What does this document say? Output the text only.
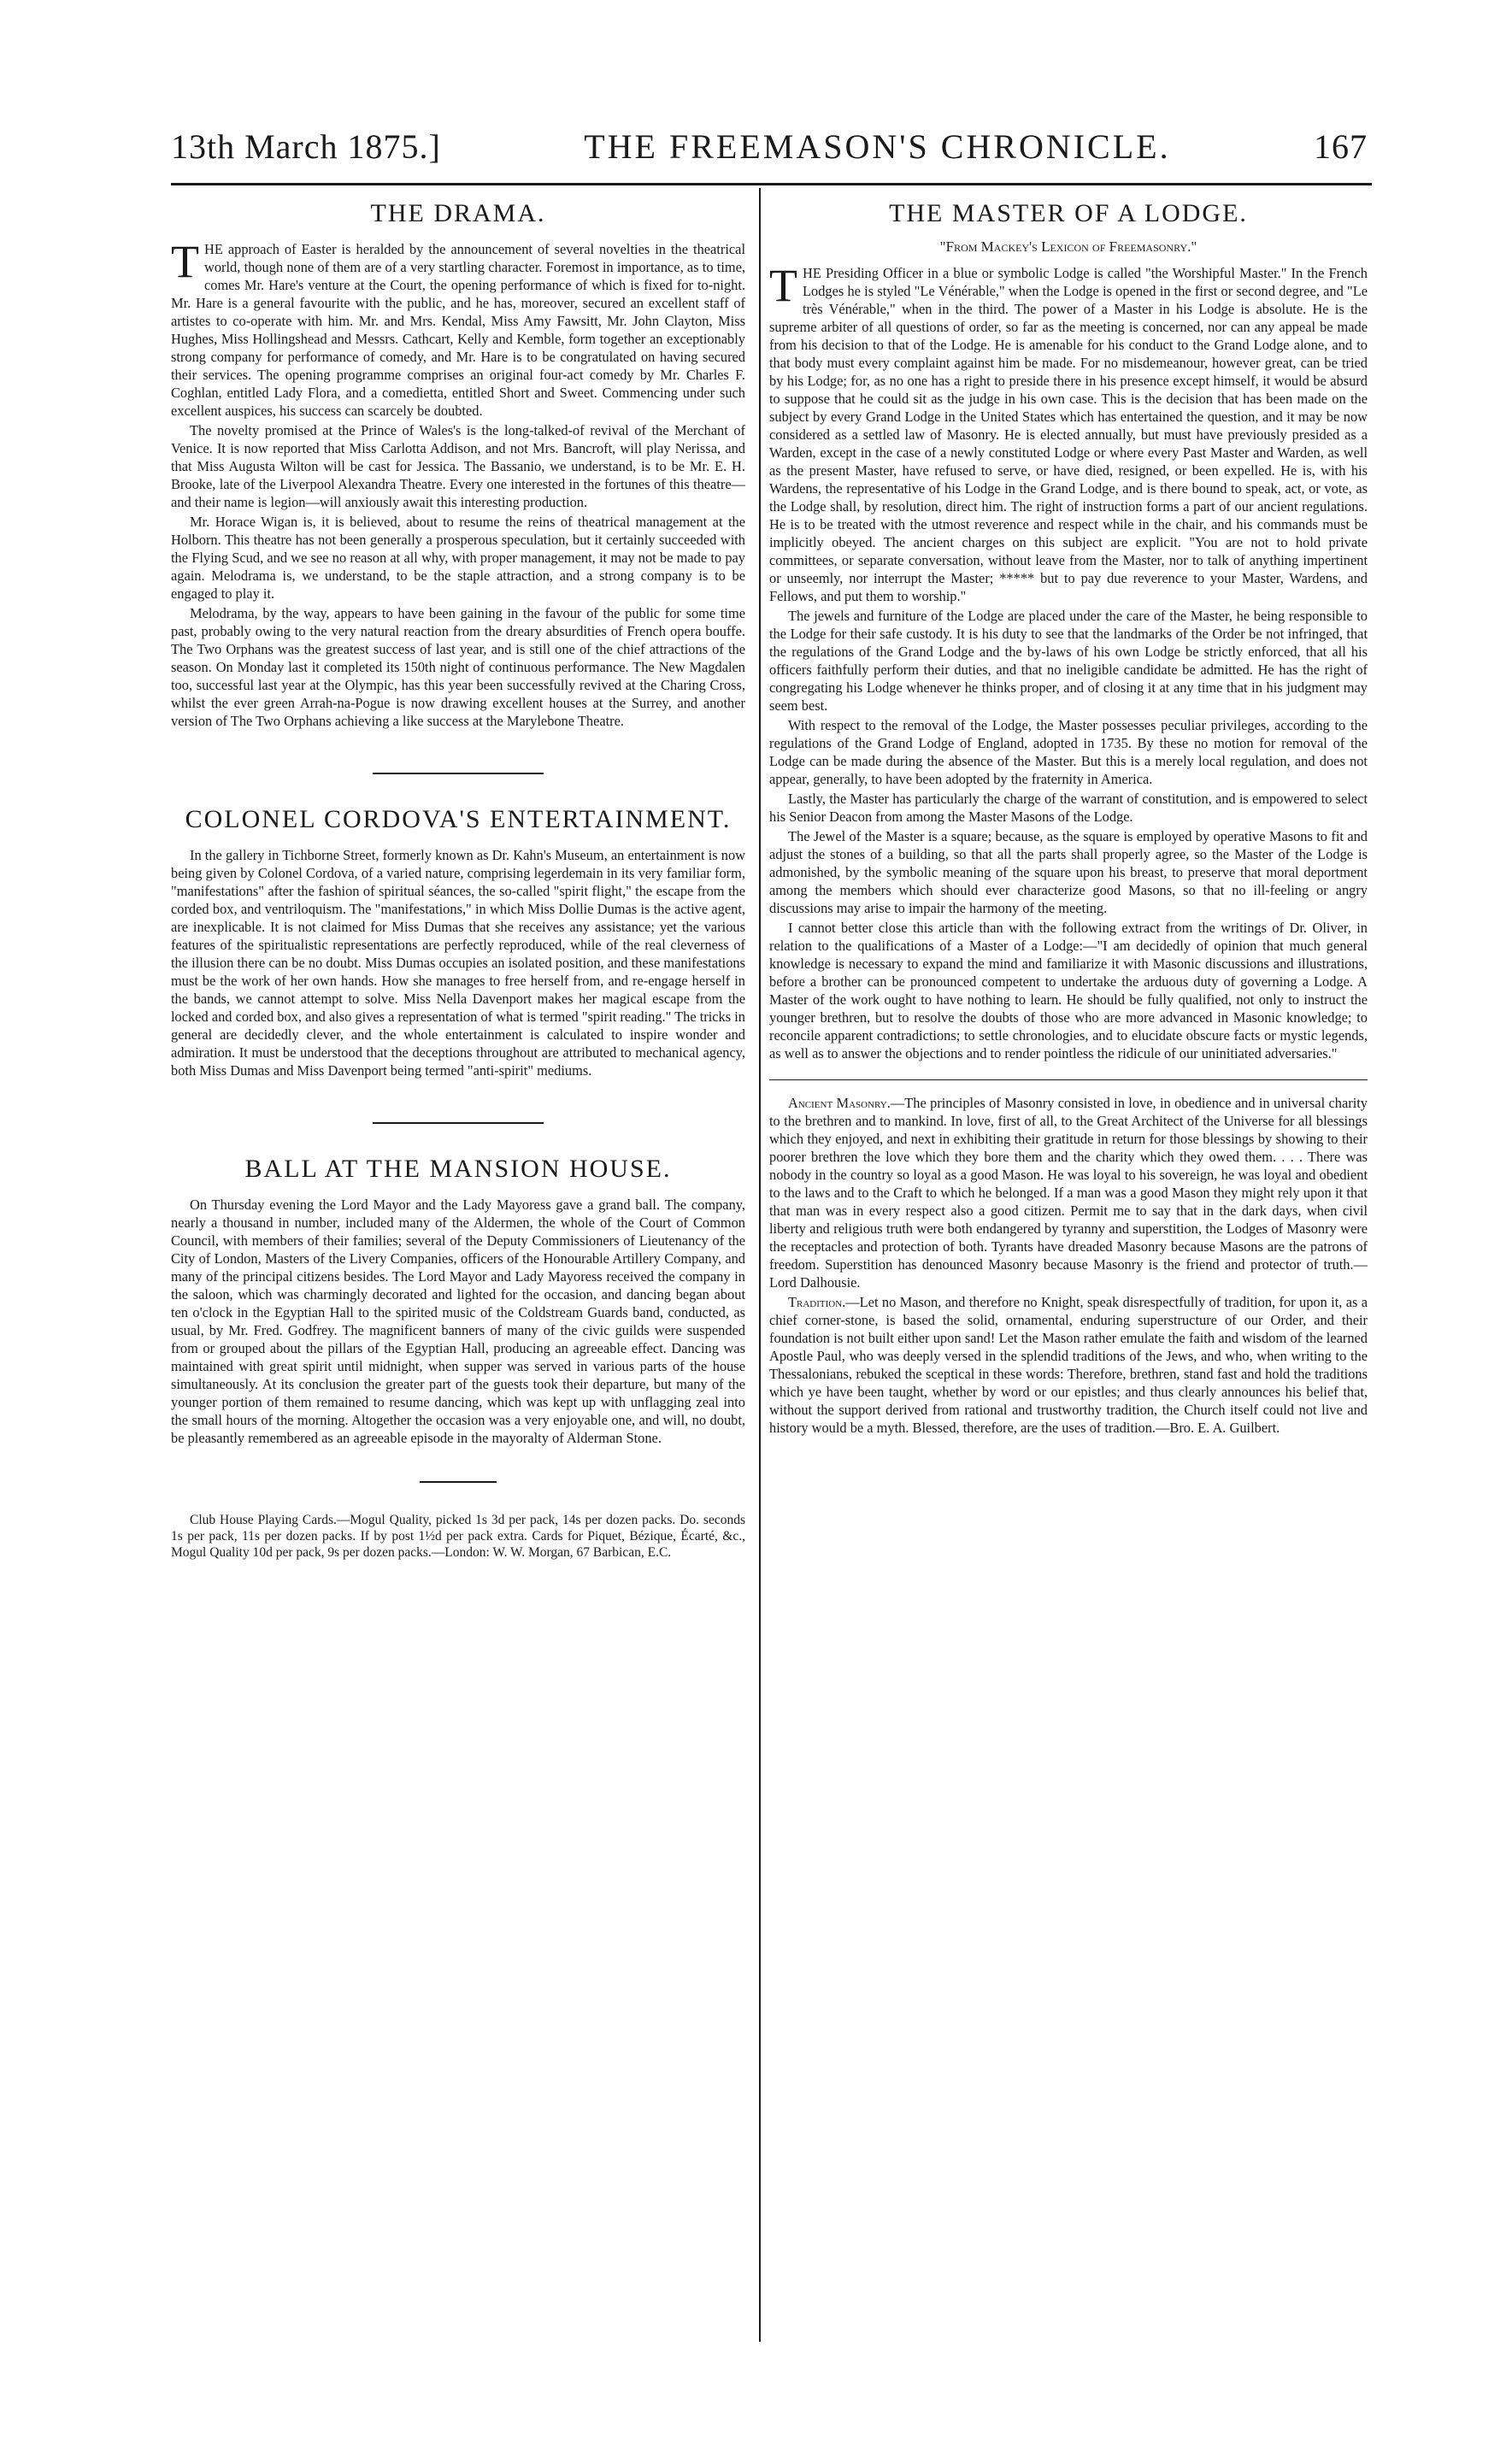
13th March 1875.]	THE FREEMASON'S CHRONICLE.	167
THE DRAMA.

THE approach of Easter is heralded by the announcement of several novelties in the theatrical world, though none of them are of a very startling character. Foremost in importance, as to time, comes Mr. Hare's venture at the Court, the opening performance of which is fixed for to-night. Mr. Hare is a general favourite with the public, and he has, moreover, secured an excellent staff of artistes to co-operate with him. Mr. and Mrs. Kendal, Miss Amy Fawsitt, Mr. John Clayton, Miss Hughes, Miss Hollingshead and Messrs. Cathcart, Kelly and Kemble, form together an exceptionably strong company for performance of comedy, and Mr. Hare is to be congratulated on having secured their services. The opening programme comprises an original four-act comedy by Mr. Charles F. Coghlan, entitled Lady Flora, and a comedietta, entitled Short and Sweet. Commencing under such excellent auspices, his success can scarcely be doubted.

The novelty promised at the Prince of Wales's is the long-talked-of revival of the Merchant of Venice. It is now reported that Miss Carlotta Addison, and not Mrs. Bancroft, will play Nerissa, and that Miss Augusta Wilton will be cast for Jessica. The Bassanio, we understand, is to be Mr. E. H. Brooke, late of the Liverpool Alexandra Theatre. Every one interested in the fortunes of this theatre—and their name is legion—will anxiously await this interesting production.

Mr. Horace Wigan is, it is believed, about to resume the reins of theatrical management at the Holborn. This theatre has not been generally a prosperous speculation, but it certainly succeeded with the Flying Scud, and we see no reason at all why, with proper management, it may not be made to pay again. Melodrama is, we understand, to be the staple attraction, and a strong company is to be engaged to play it.

Melodrama, by the way, appears to have been gaining in the favour of the public for some time past, probably owing to the very natural reaction from the dreary absurdities of French opera bouffe. The Two Orphans was the greatest success of last year, and is still one of the chief attractions of the season. On Monday last it completed its 150th night of continuous performance. The New Magdalen too, successful last year at the Olympic, has this year been successfully revived at the Charing Cross, whilst the ever green Arrah-na-Pogue is now drawing excellent houses at the Surrey, and another version of The Two Orphans achieving a like success at the Marylebone Theatre.

COLONEL CORDOVA'S ENTERTAINMENT.

In the gallery in Tichborne Street, formerly known as Dr. Kahn's Museum, an entertainment is now being given by Colonel Cordova, of a varied nature, comprising legerdemain in its very familiar form, "manifestations" after the fashion of spiritual séances, the so-called "spirit flight," the escape from the corded box, and ventriloquism. The "manifestations," in which Miss Dollie Dumas is the active agent, are inexplicable. It is not claimed for Miss Dumas that she receives any assistance; yet the various features of the spiritualistic representations are perfectly reproduced, while of the real cleverness of the illusion there can be no doubt. Miss Dumas occupies an isolated position, and these manifestations must be the work of her own hands. How she manages to free herself from, and re-engage herself in the bands, we cannot attempt to solve. Miss Nella Davenport makes her magical escape from the locked and corded box, and also gives a representation of what is termed "spirit reading." The tricks in general are decidedly clever, and the whole entertainment is calculated to inspire wonder and admiration. It must be understood that the deceptions throughout are attributed to mechanical agency, both Miss Dumas and Miss Davenport being termed "anti-spirit" mediums.

BALL AT THE MANSION HOUSE.

On Thursday evening the Lord Mayor and the Lady Mayoress gave a grand ball. The company, nearly a thousand in number, included many of the Aldermen, the whole of the Court of Common Council, with members of their families; several of the Deputy Commissioners of Lieutenancy of the City of London, Masters of the Livery Companies, officers of the Honourable Artillery Company, and many of the principal citizens besides. The Lord Mayor and Lady Mayoress received the company in the saloon, which was charmingly decorated and lighted for the occasion, and dancing began about ten o'clock in the Egyptian Hall to the spirited music of the Coldstream Guards band, conducted, as usual, by Mr. Fred. Godfrey. The magnificent banners of many of the civic guilds were suspended from or grouped about the pillars of the Egyptian Hall, producing an agreeable effect. Dancing was maintained with great spirit until midnight, when supper was served in various parts of the house simultaneously. At its conclusion the greater part of the guests took their departure, but many of the younger portion of them remained to resume dancing, which was kept up with unflagging zeal into the small hours of the morning. Altogether the occasion was a very enjoyable one, and will, no doubt, be pleasantly remembered as an agreeable episode in the mayoralty of Alderman Stone.

Club House Playing Cards.—Mogul Quality, picked 1s 3d per pack, 14s per dozen packs. Do. seconds 1s per pack, 11s per dozen packs. If by post 1½d per pack extra. Cards for Piquet, Bézique, Écarté, &c., Mogul Quality 10d per pack, 9s per dozen packs.—London: W. W. Morgan, 67 Barbican, E.C.

THE MASTER OF A LODGE.
"From Mackey's Lexicon of Freemasonry."

THE Presiding Officer in a blue or symbolic Lodge is called "the Worshipful Master." In the French Lodges he is styled "Le Vénérable," when the Lodge is opened in the first or second degree, and "Le très Vénérable," when in the third. The power of a Master in his Lodge is absolute. He is the supreme arbiter of all questions of order, so far as the meeting is concerned, nor can any appeal be made from his decision to that of the Lodge. He is amenable for his conduct to the Grand Lodge alone, and to that body must every complaint against him be made. For no misdemeanour, however great, can be tried by his Lodge; for, as no one has a right to preside there in his presence except himself, it would be absurd to suppose that he could sit as the judge in his own case. This is the decision that has been made on the subject by every Grand Lodge in the United States which has entertained the question, and it may be now considered as a settled law of Masonry. He is elected annually, but must have previously presided as a Warden, except in the case of a newly constituted Lodge or where every Past Master and Warden, as well as the present Master, have refused to serve, or have died, resigned, or been expelled. He is, with his Wardens, the representative of his Lodge in the Grand Lodge, and is there bound to speak, act, or vote, as the Lodge shall, by resolution, direct him. The right of instruction forms a part of our ancient regulations. He is to be treated with the utmost reverence and respect while in the chair, and his commands must be implicitly obeyed. The ancient charges on this subject are explicit. "You are not to hold private committees, or separate conversation, without leave from the Master, nor to talk of anything impertinent or unseemly, nor interrupt the Master; ***** but to pay due reverence to your Master, Wardens, and Fellows, and put them to worship."

The jewels and furniture of the Lodge are placed under the care of the Master, he being responsible to the Lodge for their safe custody. It is his duty to see that the landmarks of the Order be not infringed, that the regulations of the Grand Lodge and the by-laws of his own Lodge be strictly enforced, that all his officers faithfully perform their duties, and that no ineligible candidate be admitted. He has the right of congregating his Lodge whenever he thinks proper, and of closing it at any time that in his judgment may seem best.

With respect to the removal of the Lodge, the Master possesses peculiar privileges, according to the regulations of the Grand Lodge of England, adopted in 1735. By these no motion for removal of the Lodge can be made during the absence of the Master. But this is a merely local regulation, and does not appear, generally, to have been adopted by the fraternity in America.

Lastly, the Master has particularly the charge of the warrant of constitution, and is empowered to select his Senior Deacon from among the Master Masons of the Lodge.

The Jewel of the Master is a square; because, as the square is employed by operative Masons to fit and adjust the stones of a building, so that all the parts shall properly agree, so the Master of the Lodge is admonished, by the symbolic meaning of the square upon his breast, to preserve that moral deportment among the members which should ever characterize good Masons, so that no ill-feeling or angry discussions may arise to impair the harmony of the meeting.

I cannot better close this article than with the following extract from the writings of Dr. Oliver, in relation to the qualifications of a Master of a Lodge:—"I am decidedly of opinion that much general knowledge is necessary to expand the mind and familiarize it with Masonic discussions and illustrations, before a brother can be pronounced competent to undertake the arduous duty of governing a Lodge. A Master of the work ought to have nothing to learn. He should be fully qualified, not only to instruct the younger brethren, but to resolve the doubts of those who are more advanced in Masonic knowledge; to reconcile apparent contradictions; to settle chronologies, and to elucidate obscure facts or mystic legends, as well as to answer the objections and to render pointless the ridicule of our uninitiated adversaries."

Ancient Masonry.—The principles of Masonry consisted in love, in obedience and in universal charity to the brethren and to mankind. In love, first of all, to the Great Architect of the Universe for all blessings which they enjoyed, and next in exhibiting their gratitude in return for those blessings by showing to their poorer brethren the love which they bore them and the charity which they owed them. . . . There was nobody in the country so loyal as a good Mason. He was loyal to his sovereign, he was loyal and obedient to the laws and to the Craft to which he belonged. If a man was a good Mason they might rely upon it that that man was in every respect also a good citizen. Permit me to say that in the dark days, when civil liberty and religious truth were both endangered by tyranny and superstition, the Lodges of Masonry were the receptacles and protection of both. Tyrants have dreaded Masonry because Masons are the patrons of freedom. Superstition has denounced Masonry because Masonry is the friend and protector of truth.—Lord Dalhousie.

Tradition.—Let no Mason, and therefore no Knight, speak disrespectfully of tradition, for upon it, as a chief corner-stone, is based the solid, ornamental, enduring superstructure of our Order, and their foundation is not built either upon sand! Let the Mason rather emulate the faith and wisdom of the learned Apostle Paul, who was deeply versed in the splendid traditions of the Jews, and who, when writing to the Thessalonians, rebuked the sceptical in these words: Therefore, brethren, stand fast and hold the traditions which ye have been taught, whether by word or our epistles; and thus clearly announces his belief that, without the support derived from rational and trustworthy tradition, the Church itself could not live and history would be a myth. Blessed, therefore, are the uses of tradition.—Bro. E. A. Guilbert.
